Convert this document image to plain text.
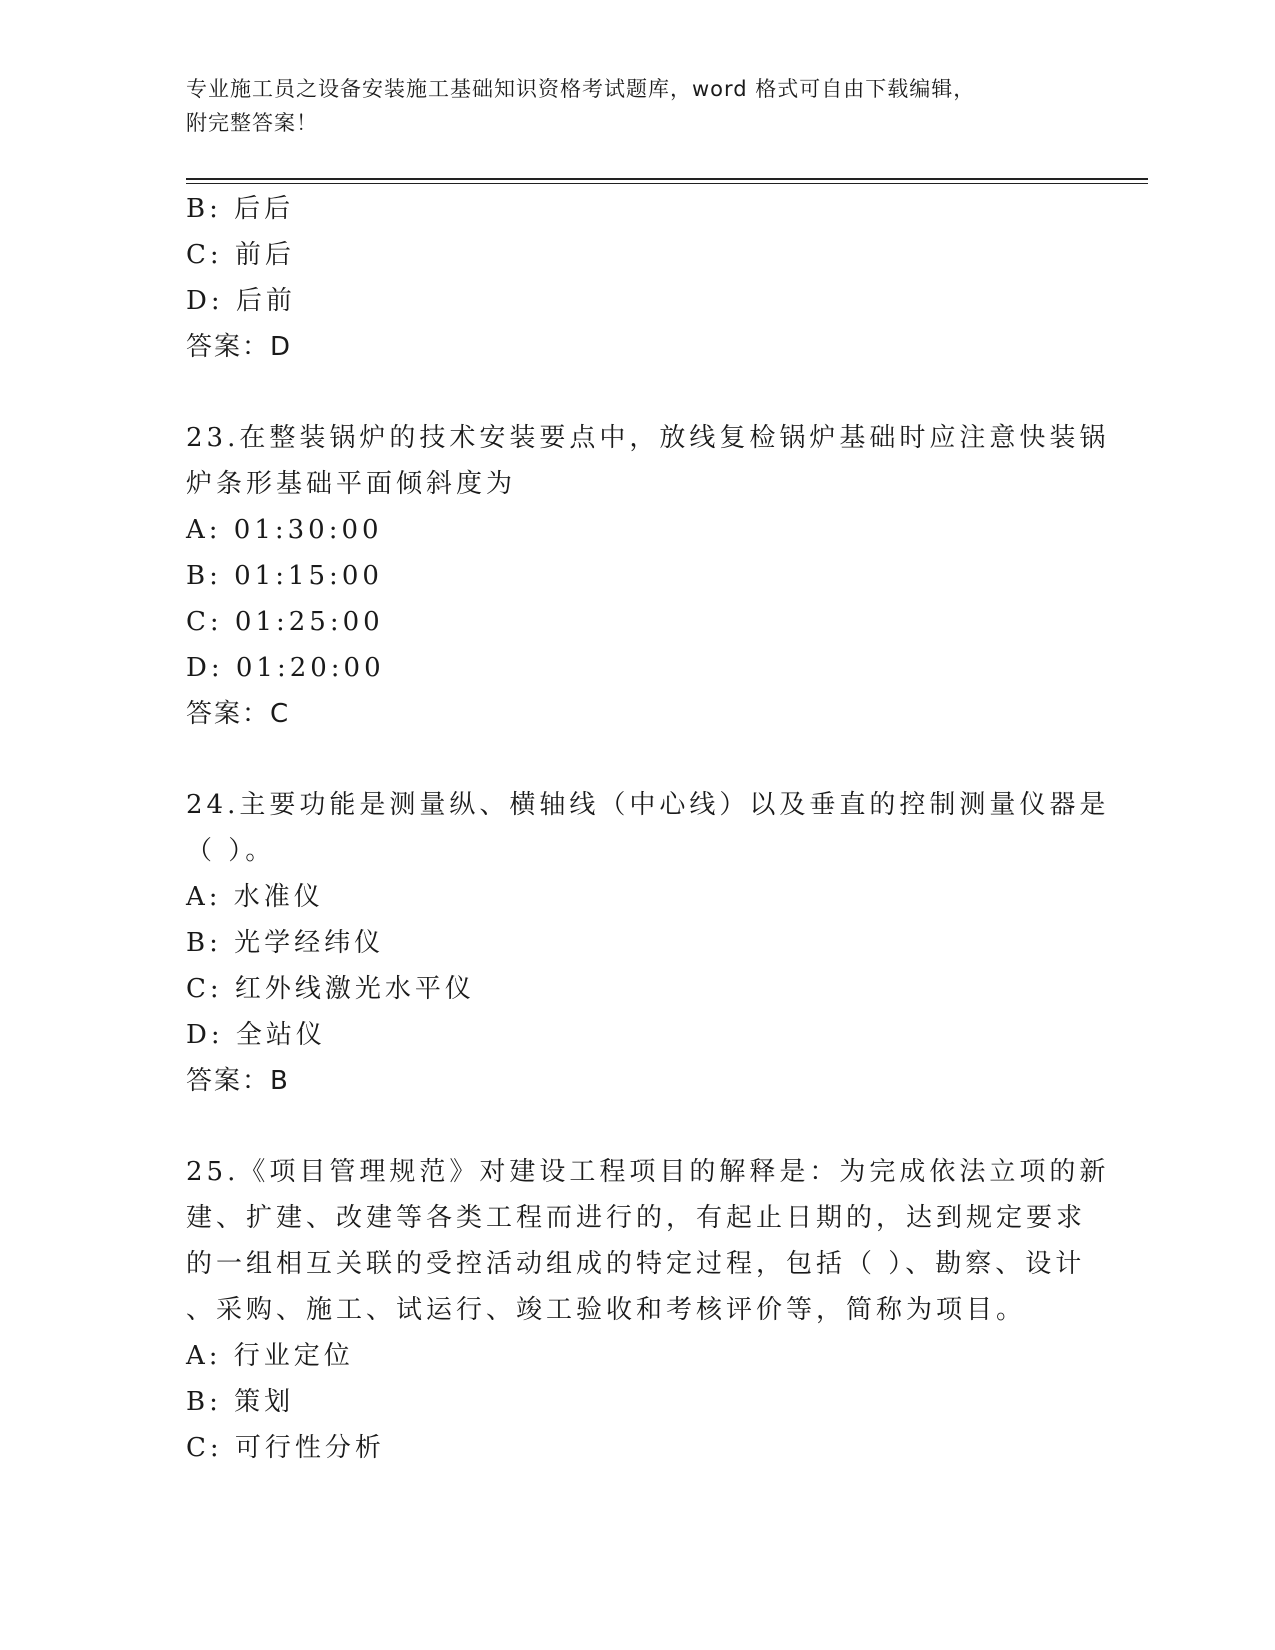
专业施工员之设备安装施工基础知识资格考试题库，word 格式可自由下载编辑，
附完整答案！
B: 后后
C: 前后
D: 后前
答案：D
23.在整装锅炉的技术安装要点中，放线复检锅炉基础时应注意快装锅
炉条形基础平面倾斜度为
A: 01:30:00
B: 01:15:00
C: 01:25:00
D: 01:20:00
答案：C
24.主要功能是测量纵、横轴线（中心线）以及垂直的控制测量仪器是
（ ）。
A: 水准仪
B: 光学经纬仪
C: 红外线激光水平仪
D: 全站仪
答案：B
25.《项目管理规范》对建设工程项目的解释是：为完成依法立项的新
建、扩建、改建等各类工程而进行的，有起止日期的，达到规定要求
的一组相互关联的受控活动组成的特定过程，包括（ ）、勘察、设计
、采购、施工、试运行、竣工验收和考核评价等，简称为项目。
A: 行业定位
B: 策划
C: 可行性分析
